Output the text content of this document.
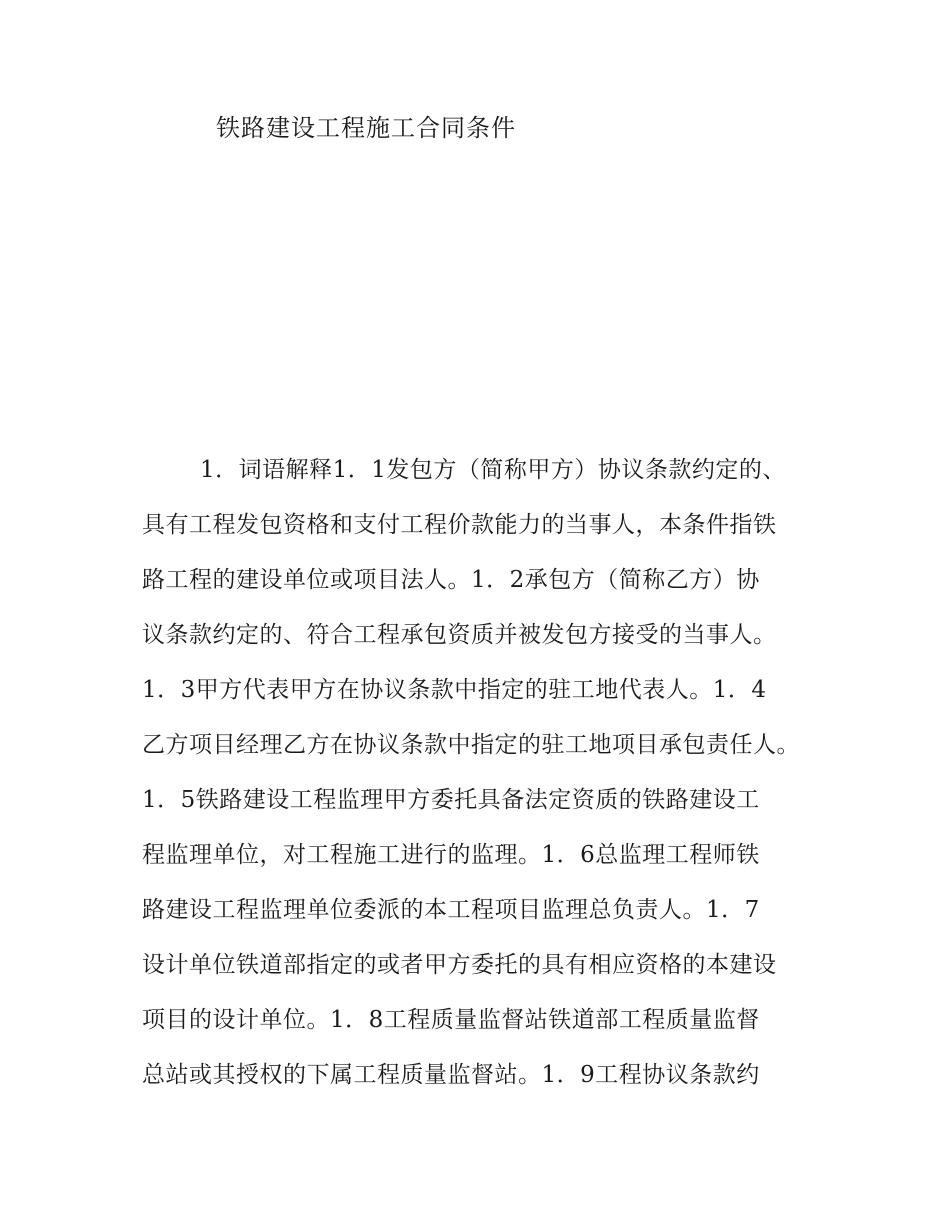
铁路建设工程施工合同条件
1．词语解释1．1发包方（简称甲方）协议条款约定的、
具有工程发包资格和支付工程价款能力的当事人，本条件指铁
路工程的建设单位或项目法人。1．2承包方（简称乙方）协
议条款约定的、符合工程承包资质并被发包方接受的当事人。
1．3甲方代表甲方在协议条款中指定的驻工地代表人。1．4
乙方项目经理乙方在协议条款中指定的驻工地项目承包责任人。
1．5铁路建设工程监理甲方委托具备法定资质的铁路建设工
程监理单位，对工程施工进行的监理。1．6总监理工程师铁
路建设工程监理单位委派的本工程项目监理总负责人。1．7
设计单位铁道部指定的或者甲方委托的具有相应资格的本建设
项目的设计单位。1．8工程质量监督站铁道部工程质量监督
总站或其授权的下属工程质量监督站。1．9工程协议条款约
